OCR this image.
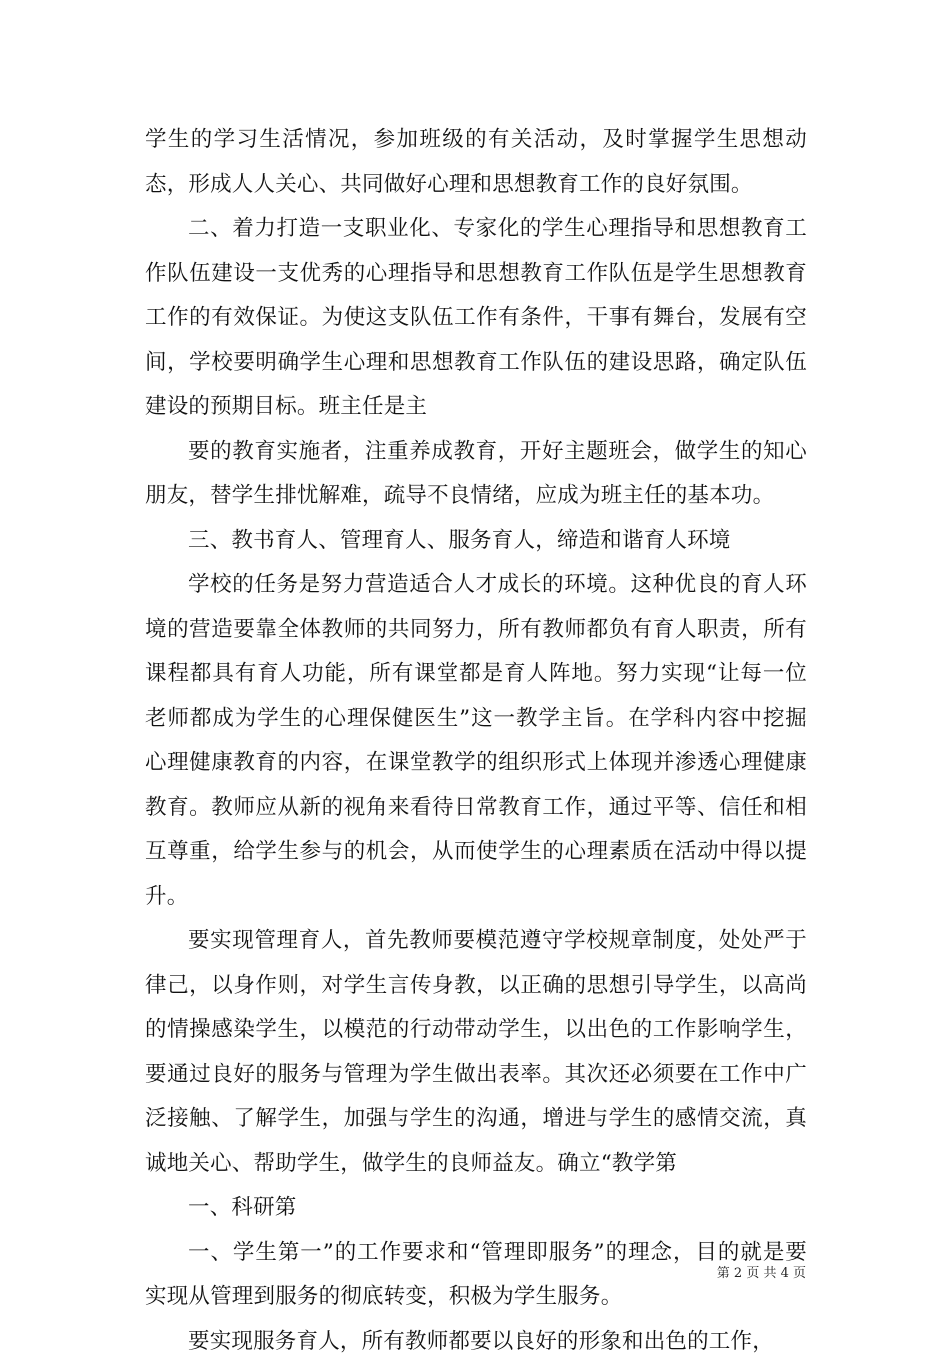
学生的学习生活情况，参加班级的有关活动，及时掌握学生思想动态，形成人人关心、共同做好心理和思想教育工作的良好氛围。

二、着力打造一支职业化、专家化的学生心理指导和思想教育工作队伍建设一支优秀的心理指导和思想教育工作队伍是学生思想教育工作的有效保证。为使这支队伍工作有条件，干事有舞台，发展有空间，学校要明确学生心理和思想教育工作队伍的建设思路，确定队伍建设的预期目标。班主任是主

要的教育实施者，注重养成教育，开好主题班会，做学生的知心朋友，替学生排忧解难，疏导不良情绪，应成为班主任的基本功。

三、教书育人、管理育人、服务育人，缔造和谐育人环境

学校的任务是努力营造适合人才成长的环境。这种优良的育人环境的营造要靠全体教师的共同努力，所有教师都负有育人职责，所有课程都具有育人功能，所有课堂都是育人阵地。努力实现“让每一位老师都成为学生的心理保健医生”这一教学主旨。在学科内容中挖掘心理健康教育的内容，在课堂教学的组织形式上体现并渗透心理健康教育。教师应从新的视角来看待日常教育工作，通过平等、信任和相互尊重，给学生参与的机会，从而使学生的心理素质在活动中得以提升。

要实现管理育人，首先教师要模范遵守学校规章制度，处处严于律己，以身作则，对学生言传身教，以正确的思想引导学生，以高尚的情操感染学生，以模范的行动带动学生，以出色的工作影响学生，要通过良好的服务与管理为学生做出表率。其次还必须要在工作中广泛接触、了解学生，加强与学生的沟通，增进与学生的感情交流，真诚地关心、帮助学生，做学生的良师益友。确立“教学第

一、科研第

一、学生第一”的工作要求和“管理即服务”的理念，目的就是要实现从管理到服务的彻底转变，积极为学生服务。

要实现服务育人，所有教师都要以良好的形象和出色的工作，

第 2 页 共 4 页
